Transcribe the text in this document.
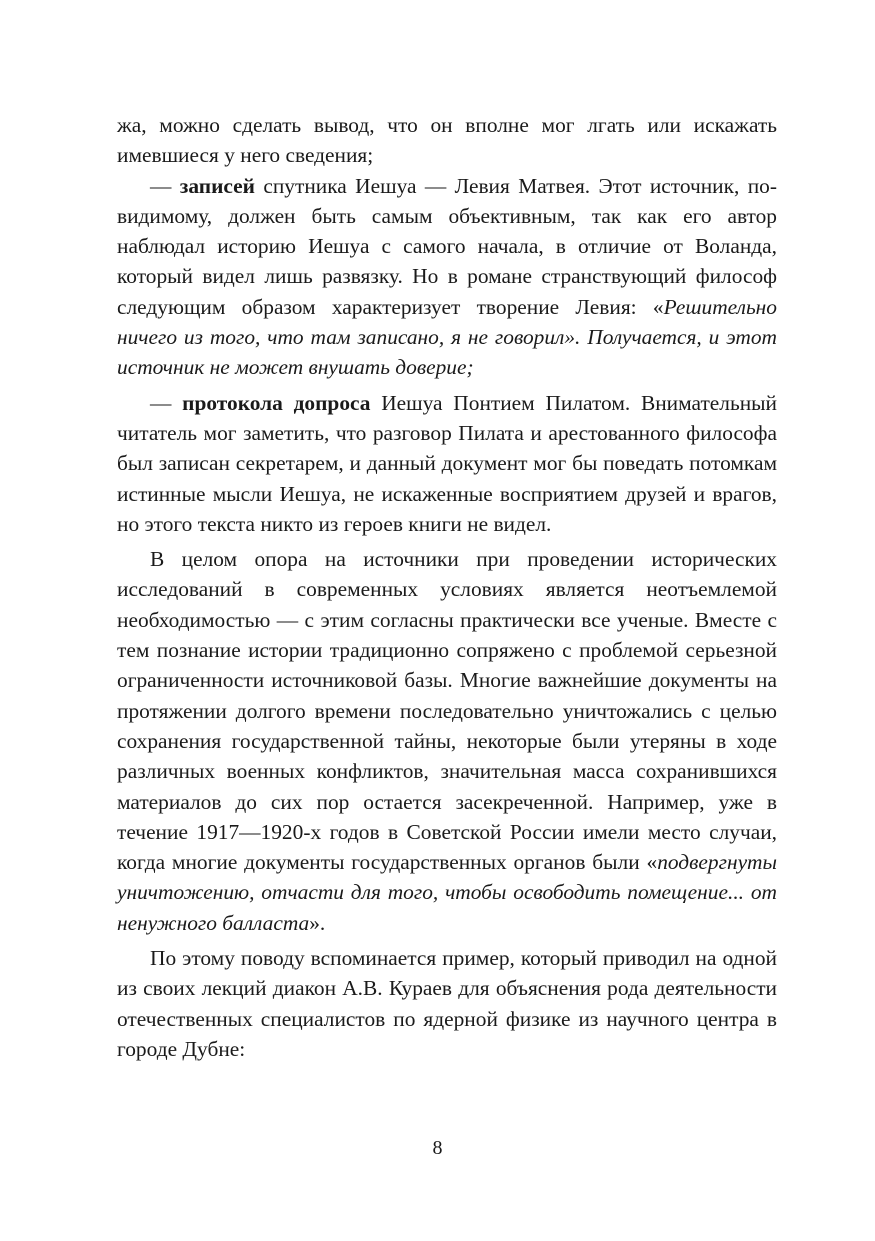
жа, можно сделать вывод, что он вполне мог лгать или искажать имевшиеся у него сведения;

— записей спутника Иешуа — Левия Матвея. Этот источник, по-видимому, должен быть самым объективным, так как его автор наблюдал историю Иешуа с самого начала, в отличие от Воланда, который видел лишь развязку. Но в романе странствующий философ следующим образом характеризует творение Левия: «Решительно ничего из того, что там записано, я не говорил». Получается, и этот источник не может внушать доверие;

— протокола допроса Иешуа Понтием Пилатом. Внимательный читатель мог заметить, что разговор Пилата и арестованного философа был записан секретарем, и данный документ мог бы поведать потомкам истинные мысли Иешуа, не искаженные восприятием друзей и врагов, но этого текста никто из героев книги не видел.

В целом опора на источники при проведении исторических исследований в современных условиях является неотъемлемой необходимостью — с этим согласны практически все ученые. Вместе с тем познание истории традиционно сопряжено с проблемой серьезной ограниченности источниковой базы. Многие важнейшие документы на протяжении долгого времени последовательно уничтожались с целью сохранения государственной тайны, некоторые были утеряны в ходе различных военных конфликтов, значительная масса сохранившихся материалов до сих пор остается засекреченной. Например, уже в течение 1917—1920-х годов в Советской России имели место случаи, когда многие документы государственных органов были «подвергнуты уничтожению, отчасти для того, чтобы освободить помещение... от ненужного балласта».

По этому поводу вспоминается пример, который приводил на одной из своих лекций диакон А.В. Кураев для объяснения рода деятельности отечественных специалистов по ядерной физике из научного центра в городе Дубне:

8
